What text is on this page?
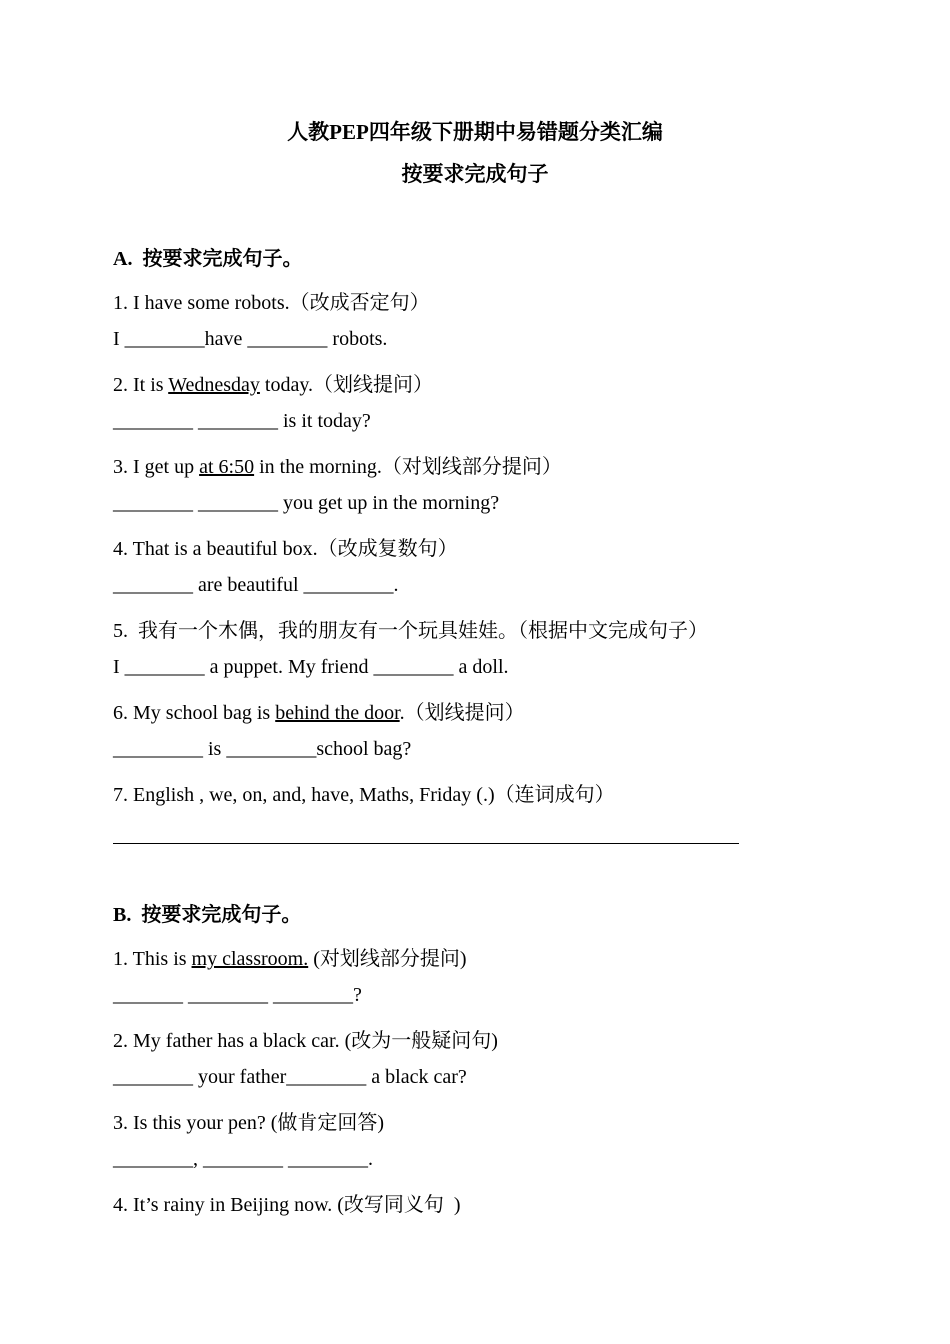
人教PEP四年级下册期中易错题分类汇编
按要求完成句子
A.  按要求完成句子。
1. I have some robots.（改成否定句）
I ________have ________ robots.
2. It is Wednesday today.（划线提问）
________ ________ is it today?
3. I get up at 6:50 in the morning.（对划线部分提问）
________ ________ you get up in the morning?
4. That is a beautiful box.（改成复数句）
________ are beautiful _________.
5.  我有一个木偶，我的朋友有一个玩具娃娃。（根据中文完成句子）
I ________ a puppet. My friend ________ a doll.
6. My school bag is behind the door.（划线提问）
_________ is _________school bag?
7. English , we, on, and, have, Maths, Friday (.)（连词成句）
B.  按要求完成句子。
1. This is my classroom. (对划线部分提问)
_______ ________ ________?
2. My father has a black car. (改为一般疑问句)
________ your father________ a black car?
3. Is this your pen? (做肯定回答)
________, ________ ________.
4. It’s rainy in Beijing now. (改写同义句  )
